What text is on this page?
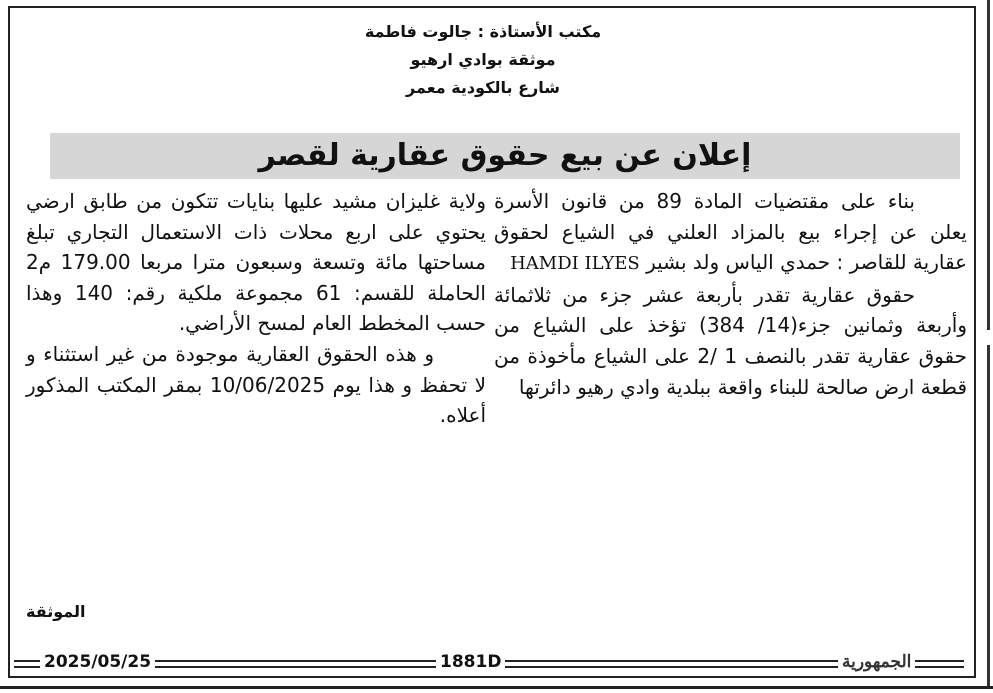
مكتب الأستاذة : جالوت فاطمة
موثقة بوادي ارهيو
شارع بالكودية معمر
إعلان عن بيع حقوق عقارية لقصر

بناء على مقتضيات المادة 89 من قانون الأسرة يعلن عن إجراء بيع بالمزاد العلني في الشياع لحقوق عقارية للقاصر : حمدي الياس ولد بشير HAMDI ILYES

حقوق عقارية تقدر بأربعة عشر جزء من ثلاثمائة وأربعة وثمانين جزء(14/ 384) تؤخذ على الشياع من حقوق عقارية تقدر بالنصف 1 /2 على الشياع مأخوذة من قطعة ارض صالحة للبناء واقعة ببلدية وادي رهيو دائرتها

ولاية غليزان مشيد عليها بنايات تتكون من طابق ارضي يحتوي على اربع محلات ذات الاستعمال التجاري تبلغ مساحتها مائة وتسعة وسبعون مترا مربعا 179.00 م2 الحاملة للقسم: 61 مجموعة ملكية رقم: 140 وهذا حسب المخطط العام لمسح الأراضي.

و هذه الحقوق العقارية موجودة من غير استثناء و لا تحفظ و هذا يوم 10/06/2025 بمقر المكتب المذكور أعلاه.

الموثقة
2025/05/25	1881D	الجمهورية
